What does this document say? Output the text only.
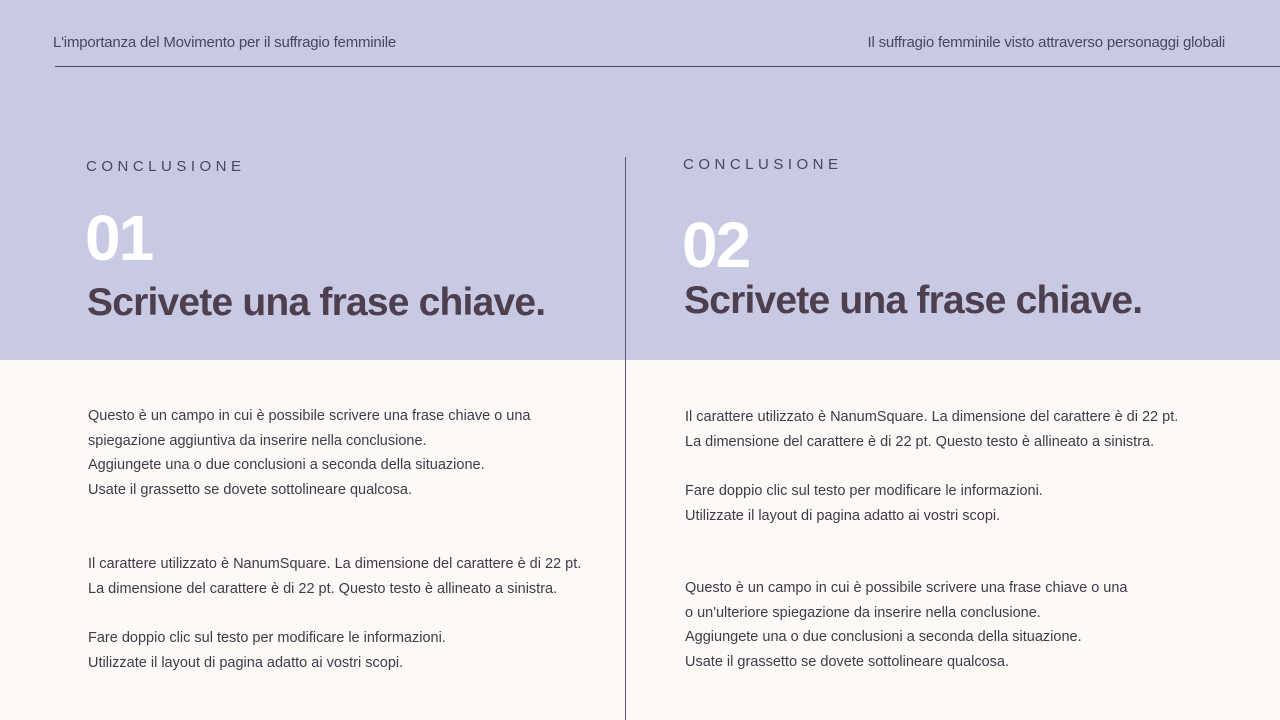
L'importanza del Movimento per il suffragio femminile	Il suffragio femminile visto attraverso personaggi globali
CONCLUSIONE
01
Scrivete una frase chiave.

Questo è un campo in cui è possibile scrivere una frase chiave o una
spiegazione aggiuntiva da inserire nella conclusione.
Aggiungete una o due conclusioni a seconda della situazione.
Usate il grassetto se dovete sottolineare qualcosa.

Il carattere utilizzato è NanumSquare. La dimensione del carattere è di 22 pt.
La dimensione del carattere è di 22 pt. Questo testo è allineato a sinistra.

Fare doppio clic sul testo per modificare le informazioni.
Utilizzate il layout di pagina adatto ai vostri scopi.

CONCLUSIONE
02
Scrivete una frase chiave.

Il carattere utilizzato è NanumSquare. La dimensione del carattere è di 22 pt.
La dimensione del carattere è di 22 pt. Questo testo è allineato a sinistra.

Fare doppio clic sul testo per modificare le informazioni.
Utilizzate il layout di pagina adatto ai vostri scopi.

Questo è un campo in cui è possibile scrivere una frase chiave o una
o un'ulteriore spiegazione da inserire nella conclusione.
Aggiungete una o due conclusioni a seconda della situazione.
Usate il grassetto se dovete sottolineare qualcosa.
